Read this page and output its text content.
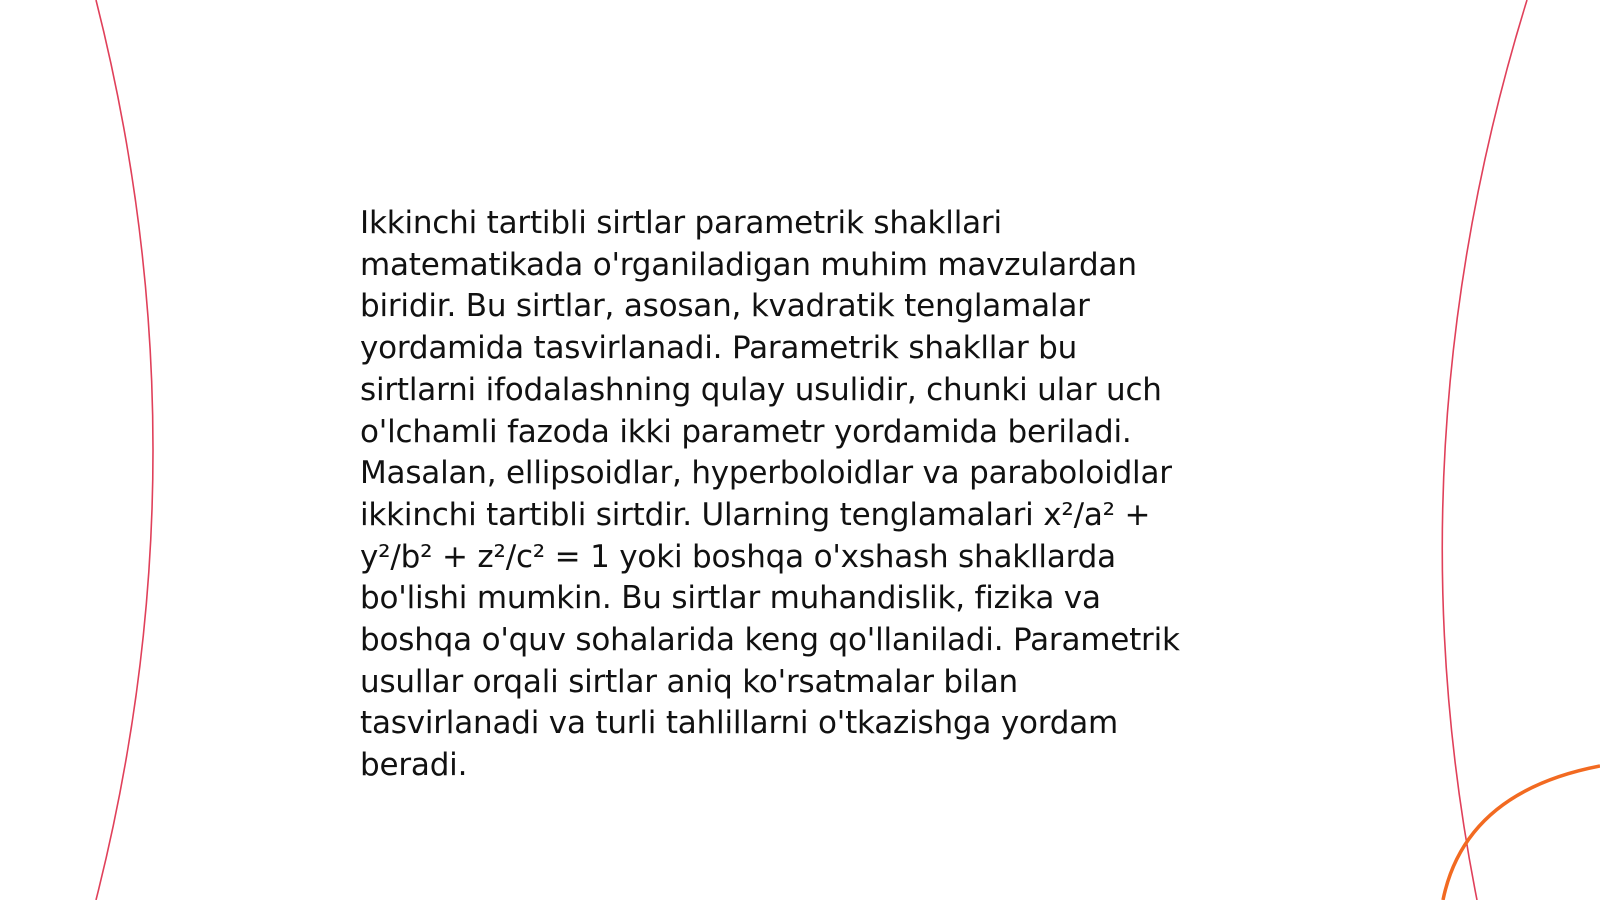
Ikkinchi tartibli sirtlar parametrik shakllari
matematikada o'rganiladigan muhim mavzulardan
biridir. Bu sirtlar, asosan, kvadratik tenglamalar
yordamida tasvirlanadi. Parametrik shakllar bu
sirtlarni ifodalashning qulay usulidir, chunki ular uch
o'lchamli fazoda ikki parametr yordamida beriladi.
Masalan, ellipsoidlar, hyperboloidlar va paraboloidlar
ikkinchi tartibli sirtdir. Ularning tenglamalari x²/a² +
y²/b² + z²/c² = 1 yoki boshqa o'xshash shakllarda
bo'lishi mumkin. Bu sirtlar muhandislik, fizika va
boshqa o'quv sohalarida keng qo'llaniladi. Parametrik
usullar orqali sirtlar aniq ko'rsatmalar bilan
tasvirlanadi va turli tahlillarni o'tkazishga yordam
beradi.
